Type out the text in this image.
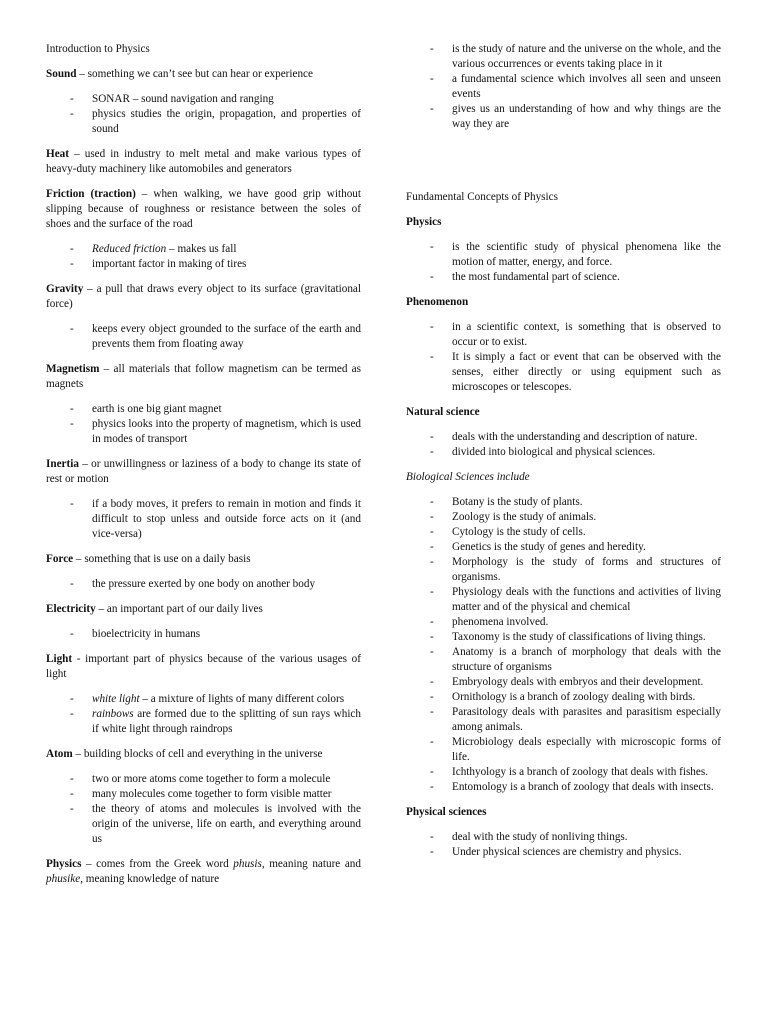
Introduction to Physics
Sound – something we can’t see but can hear or experience
- SONAR – sound navigation and ranging
- physics studies the origin, propagation, and properties of sound
Heat – used in industry to melt metal and make various types of heavy-duty machinery like automobiles and generators
Friction (traction) – when walking, we have good grip without slipping because of roughness or resistance between the soles of shoes and the surface of the road
- Reduced friction – makes us fall
- important factor in making of tires
Gravity – a pull that draws every object to its surface (gravitational force)
- keeps every object grounded to the surface of the earth and prevents them from floating away
Magnetism – all materials that follow magnetism can be termed as magnets
- earth is one big giant magnet
- physics looks into the property of magnetism, which is used in modes of transport
Inertia – or unwillingness or laziness of a body to change its state of rest or motion
- if a body moves, it prefers to remain in motion and finds it difficult to stop unless and outside force acts on it (and vice-versa)
Force – something that is use on a daily basis
- the pressure exerted by one body on another body
Electricity – an important part of our daily lives
- bioelectricity in humans
Light - important part of physics because of the various usages of light
- white light – a mixture of lights of many different colors
- rainbows are formed due to the splitting of sun rays which if white light through raindrops
Atom – building blocks of cell and everything in the universe
- two or more atoms come together to form a molecule
- many molecules come together to form visible matter
- the theory of atoms and molecules is involved with the origin of the universe, life on earth, and everything around us
Physics – comes from the Greek word phusis, meaning nature and phusike, meaning knowledge of nature
- is the study of nature and the universe on the whole, and the various occurrences or events taking place in it
- a fundamental science which involves all seen and unseen events
- gives us an understanding of how and why things are the way they are
Fundamental Concepts of Physics
Physics
- is the scientific study of physical phenomena like the motion of matter, energy, and force.
- the most fundamental part of science.
Phenomenon
- in a scientific context, is something that is observed to occur or to exist.
- It is simply a fact or event that can be observed with the senses, either directly or using equipment such as microscopes or telescopes.
Natural science
- deals with the understanding and description of nature.
- divided into biological and physical sciences.
Biological Sciences include
- Botany is the study of plants.
- Zoology is the study of animals.
- Cytology is the study of cells.
- Genetics is the study of genes and heredity.
- Morphology is the study of forms and structures of organisms.
- Physiology deals with the functions and activities of living matter and of the physical and chemical
- phenomena involved.
- Taxonomy is the study of classifications of living things.
- Anatomy is a branch of morphology that deals with the structure of organisms
- Embryology deals with embryos and their development.
- Ornithology is a branch of zoology dealing with birds.
- Parasitology deals with parasites and parasitism especially among animals.
- Microbiology deals especially with microscopic forms of life.
- Ichthyology is a branch of zoology that deals with fishes.
- Entomology is a branch of zoology that deals with insects.
Physical sciences
- deal with the study of nonliving things.
- Under physical sciences are chemistry and physics.
